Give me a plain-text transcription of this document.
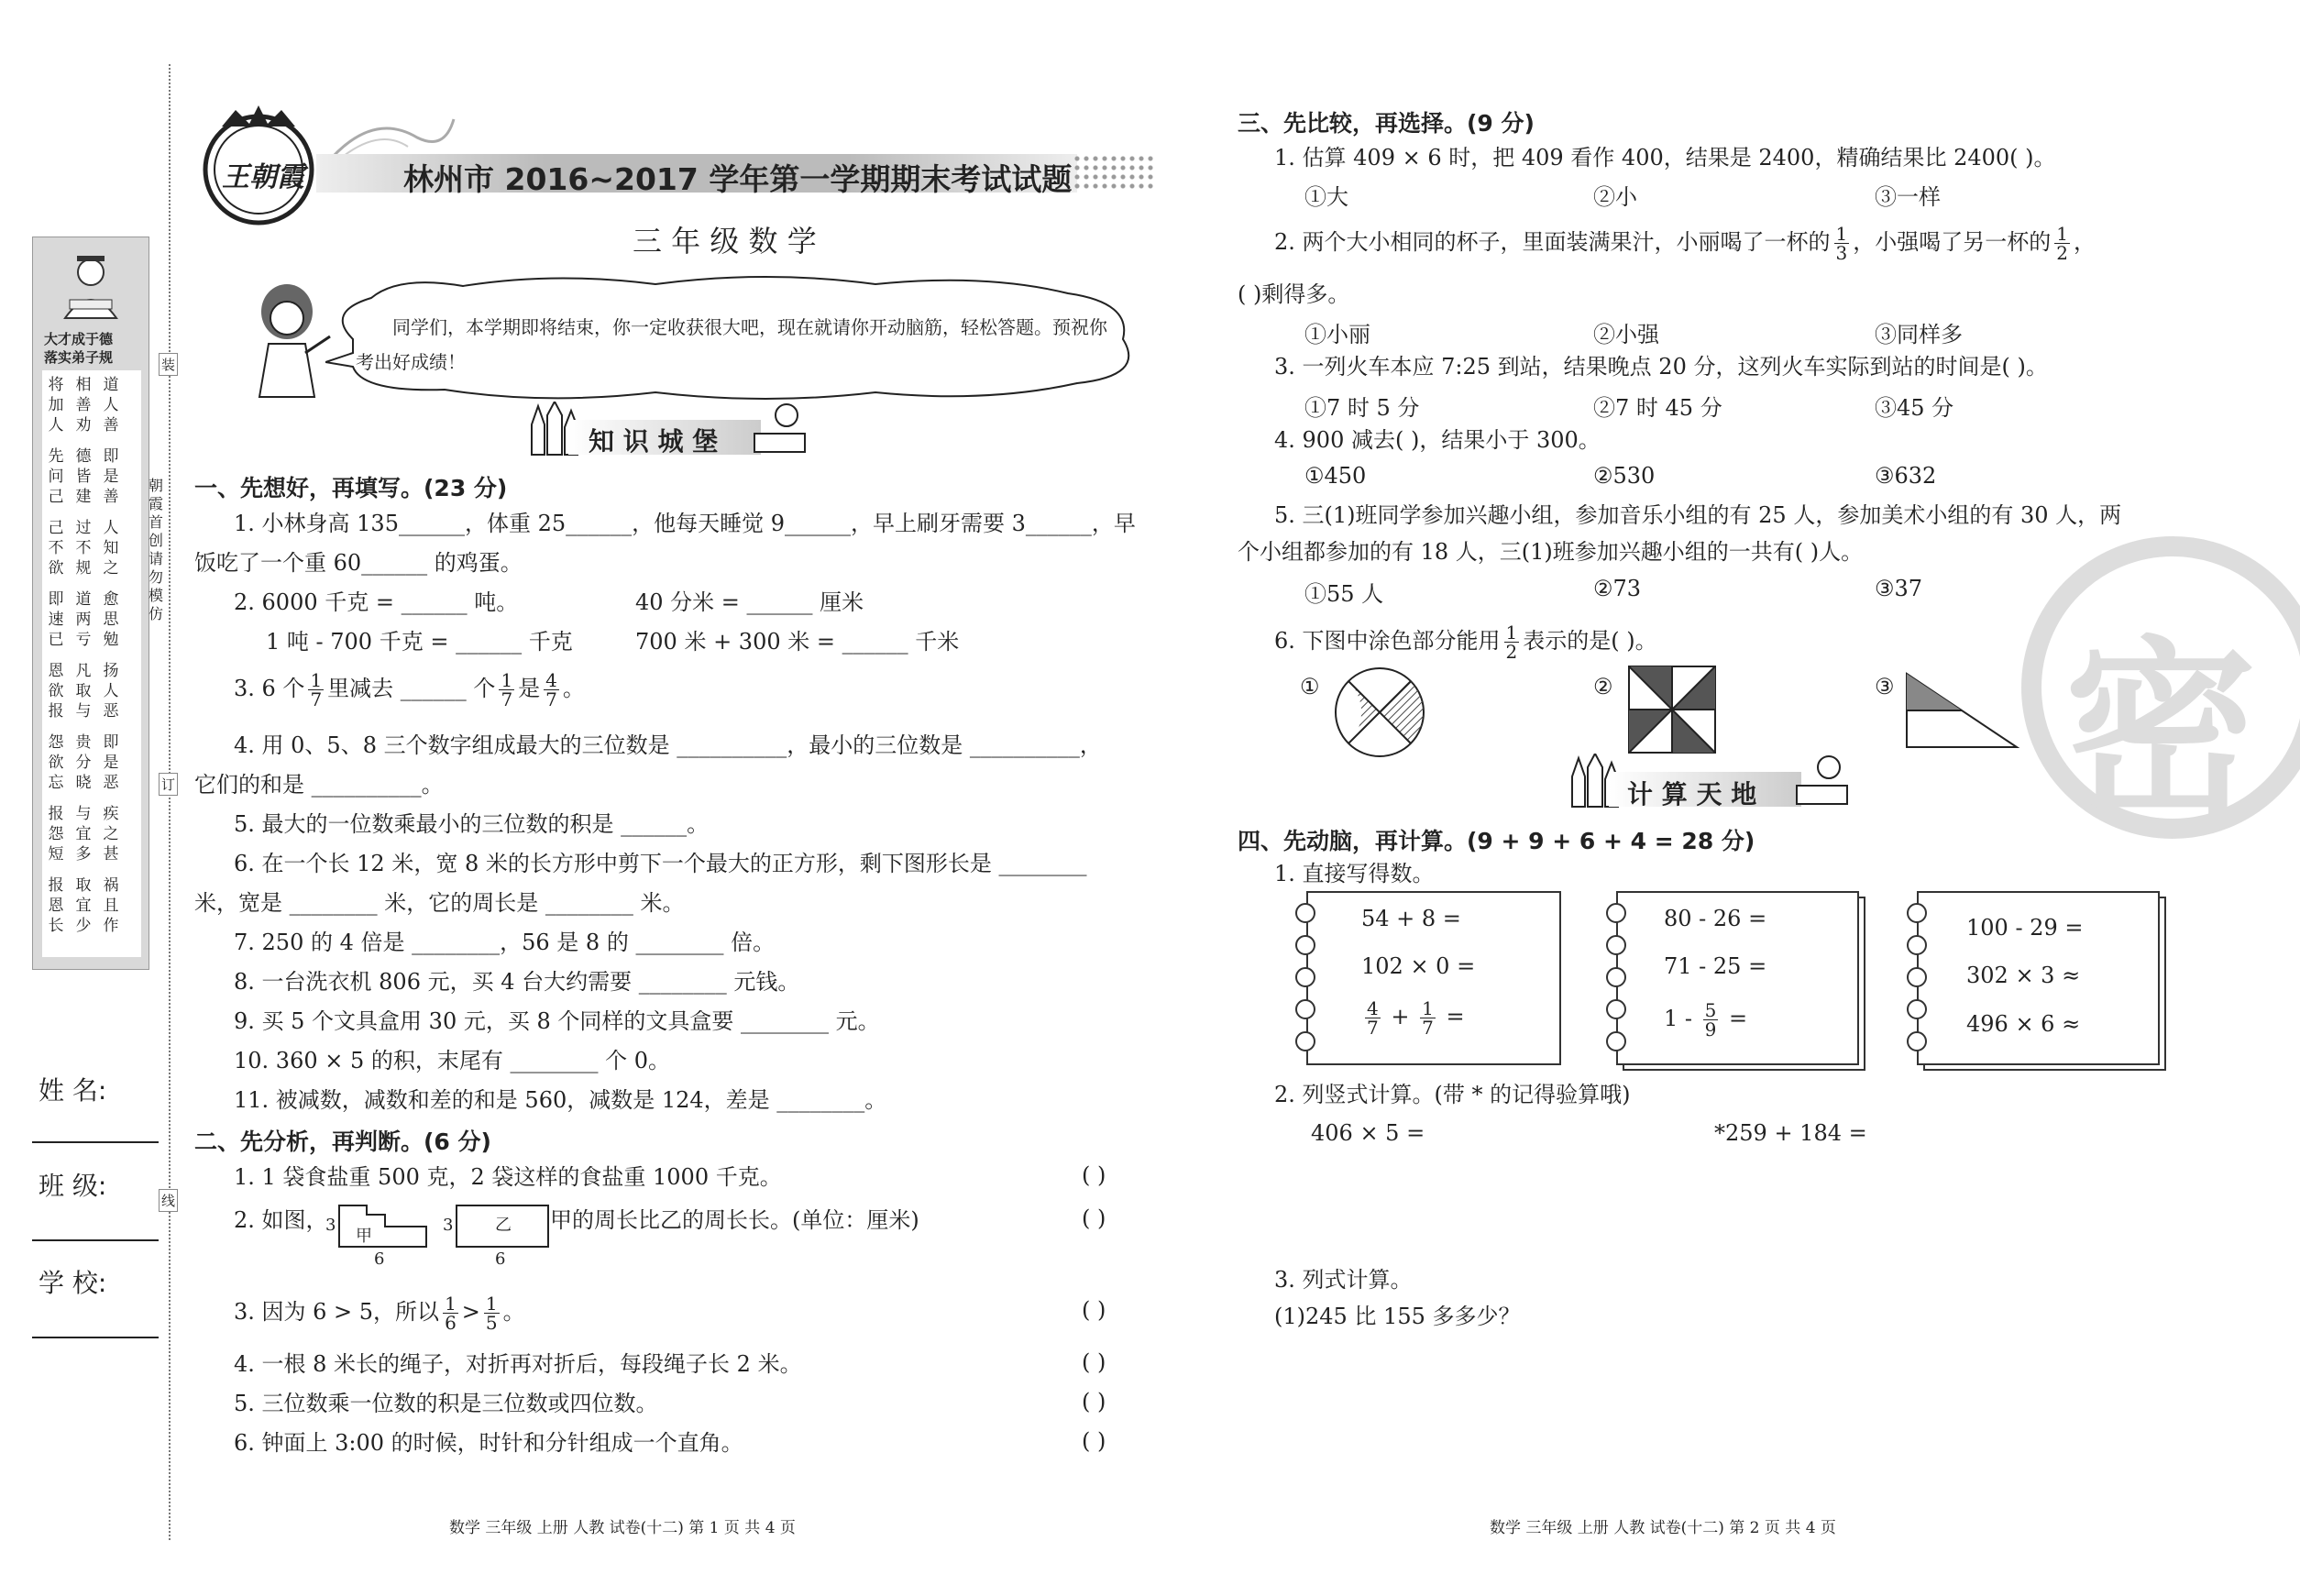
装
订
线
大才成于德
落实弟子规
将加人
相善劝
道人善
先问己
德皆建
即是善
己不欲
过不规
人知之
即速已
道两亏
愈思勉
恩欲报
凡取与
扬人恶
怨欲忘
贵分晓
即是恶
报怨短
与宜多
疾之甚
报恩长
取宜少
祸且作
朝霞首创 请勿模仿
姓 名:
班 级:
学 校:
王朝霞	林州市 2016~2017 学年第一学期期末考试试题
三 年 级 数 学
同学们，本学期即将结束，你一定收获很大吧，现在就请你开动脑筋，轻松答题。预祝你考出好成绩！
知 识 城 堡
一、先想好，再填写。(23 分)
1. 小林身高 135______，体重 25______，他每天睡觉 9______，早上刷牙需要 3______，早
饭吃了一个重 60______ 的鸡蛋。
2. 6000 千克 = ______ 吨。	40 分米 = ______ 厘米
1 吨 - 700 千克 = ______ 千克	700 米 + 300 米 = ______ 千米
3. 6 个 $\frac{1}{7}$ 里减去 ______ 个 $\frac{1}{7}$ 是 $\frac{4}{7}$ 。
4. 用 0、5、8 三个数字组成最大的三位数是 __________，最小的三位数是 __________，
它们的和是 __________。
5. 最大的一位数乘最小的三位数的积是 ______。
6. 在一个长 12 米，宽 8 米的长方形中剪下一个最大的正方形，剩下图形长是 ________
米，宽是 ________ 米，它的周长是 ________ 米。
7. 250 的 4 倍是 ________，56 是 8 的 ________ 倍。
8. 一台洗衣机 806 元，买 4 台大约需要 ________ 元钱。
9. 买 5 个文具盒用 30 元，买 8 个同样的文具盒要 ________ 元。
10. 360 × 5 的积，末尾有 ________ 个 0。
11. 被减数，减数和差的和是 560，减数是 124，差是 ________。
二、先分析，再判断。(6 分)
1. 1 袋食盐重 500 克，2 袋这样的食盐重 1000 千克。	( )
2. 如图，
甲
3
6
乙
3
6
甲的周长比乙的周长长。(单位：厘米)	( )
3. 因为 6 > 5，所以 $\frac{1}{6} > \frac{1}{5}$ 。	( )
4. 一根 8 米长的绳子，对折再对折后，每段绳子长 2 米。	( )
5. 三位数乘一位数的积是三位数或四位数。	( )
6. 钟面上 3:00 的时候，时针和分针组成一个直角。	( )
数学 三年级 上册 人教 试卷(十二) 第 1 页 共 4 页
密
三、先比较，再选择。(9 分)
1. 估算 409 × 6 时，把 409 看作 400，结果是 2400，精确结果比 2400( )。
①大	②小	③一样
2. 两个大小相同的杯子，里面装满果汁，小丽喝了一杯的 $\frac{1}{3}$ ，小强喝了另一杯的 $\frac{1}{2}$ ，
( )剩得多。
①小丽	②小强	③同样多
3. 一列火车本应 7:25 到站，结果晚点 20 分，这列火车实际到站的时间是( )。
①7 时 5 分	②7 时 45 分	③45 分
4. 900 减去( )，结果小于 300。
①450	②530	③632
5. 三(1)班同学参加兴趣小组，参加音乐小组的有 25 人，参加美术小组的有 30 人，两
个小组都参加的有 18 人，三(1)班参加兴趣小组的一共有( )人。
①55 人	②73	③37
6. 下图中涂色部分能用 $\frac{1}{2}$ 表示的是( )。
①	②	③
计 算 天 地
四、先动脑，再计算。(9 + 9 + 6 + 4 = 28 分)
1. 直接写得数。
54 + 8 =
102 × 0 =
$\frac{4}{7} + \frac{1}{7}$ =
80 - 26 =
71 - 25 =
$1 - \frac{5}{9}$ =
100 - 29 =
302 × 3 ≈
496 × 6 ≈
2. 列竖式计算。(带 * 的记得验算哦)
406 × 5 =	*259 + 184 =
3. 列式计算。
(1)245 比 155 多多少？
数学 三年级 上册 人教 试卷(十二) 第 2 页 共 4 页
